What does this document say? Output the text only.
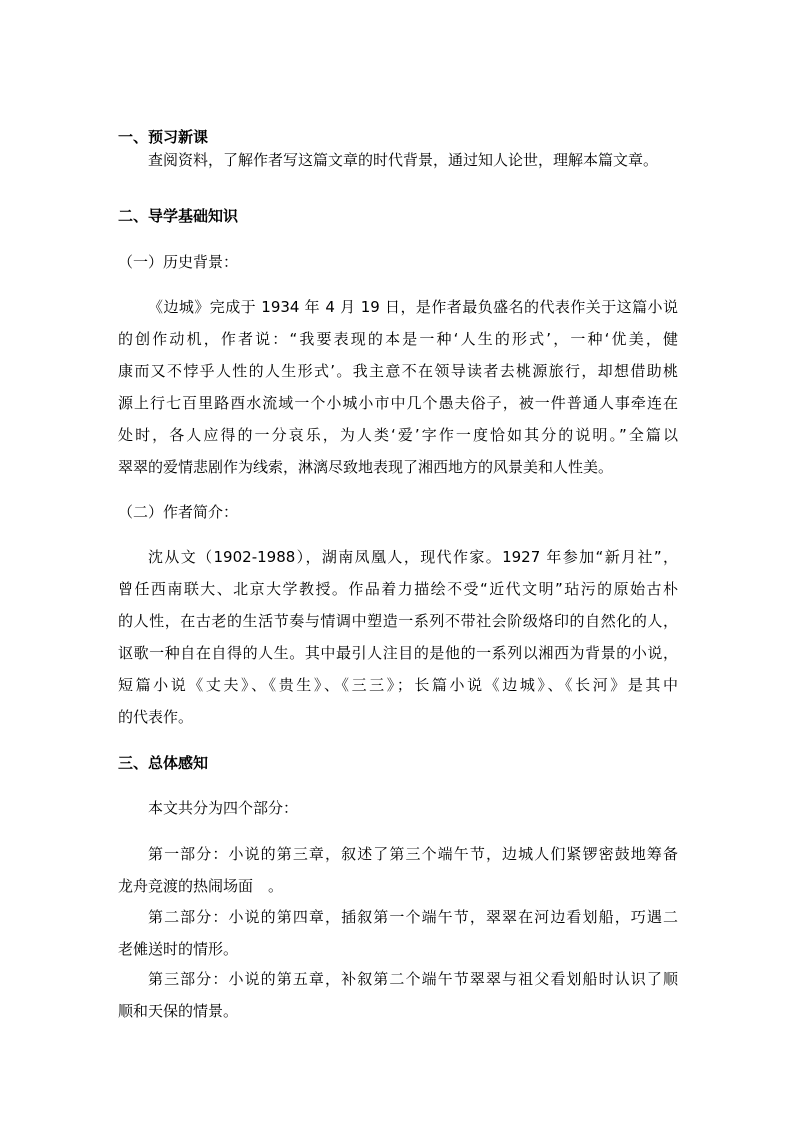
一、预习新课
查阅资料，了解作者写这篇文章的时代背景，通过知人论世，理解本篇文章。
二、导学基础知识
（一）历史背景：
《边城》完成于 1934 年 4 月 19 日，是作者最负盛名的代表作关于这篇小说
的创作动机，作者说：“我要表现的本是一种‘人生的形式’，一种‘优美，健
康而又不悖乎人性的人生形式’。我主意不在领导读者去桃源旅行，却想借助桃
源上行七百里路酉水流域一个小城小市中几个愚夫俗子，被一件普通人事牵连在
处时，各人应得的一分哀乐，为人类‘爱’字作一度恰如其分的说明。”全篇以
翠翠的爱情悲剧作为线索，淋漓尽致地表现了湘西地方的风景美和人性美。
（二）作者简介：
沈从文（1902-1988），湖南凤凰人，现代作家。1927 年参加“新月社”，
曾任西南联大、北京大学教授。作品着力描绘不受“近代文明”玷污的原始古朴
的人性，在古老的生活节奏与情调中塑造一系列不带社会阶级烙印的自然化的人，
讴歌一种自在自得的人生。其中最引人注目的是他的一系列以湘西为背景的小说，
短篇小说《丈夫》、《贵生》、《三三》；长篇小说《边城》、《长河》是其中
的代表作。
三、总体感知
本文共分为四个部分：
第一部分：小说的第三章，叙述了第三个端午节，边城人们紧锣密鼓地筹备
龙舟竞渡的热闹场面　。
第二部分：小说的第四章，插叙第一个端午节，翠翠在河边看划船，巧遇二
老傩送时的情形。
第三部分：小说的第五章，补叙第二个端午节翠翠与祖父看划船时认识了顺
顺和天保的情景。
